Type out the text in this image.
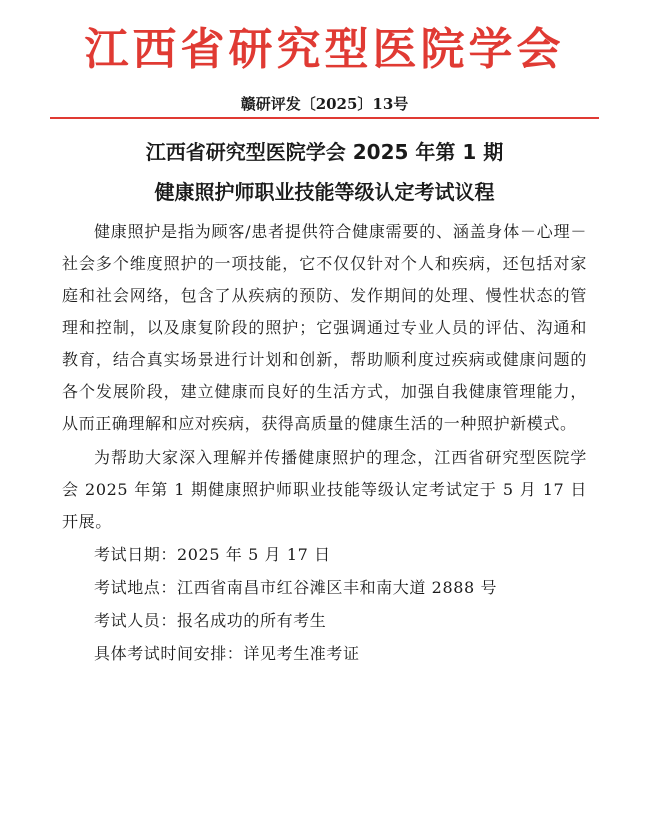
江西省研究型医院学会
赣研评发〔2025〕13号
江西省研究型医院学会 2025 年第 1 期
健康照护师职业技能等级认定考试议程

健康照护是指为顾客/患者提供符合健康需要的、涵盖身体－心理－社会多个维度照护的一项技能，它不仅仅针对个人和疾病，还包括对家庭和社会网络，包含了从疾病的预防、发作期间的处理、慢性状态的管理和控制，以及康复阶段的照护；它强调通过专业人员的评估、沟通和教育，结合真实场景进行计划和创新，帮助顺利度过疾病或健康问题的各个发展阶段，建立健康而良好的生活方式，加强自我健康管理能力，从而正确理解和应对疾病，获得高质量的健康生活的一种照护新模式。

为帮助大家深入理解并传播健康照护的理念，江西省研究型医院学会 2025 年第 1 期健康照护师职业技能等级认定考试定于 5 月 17 日开展。

考试日期：2025 年 5 月 17 日

考试地点：江西省南昌市红谷滩区丰和南大道 2888 号

考试人员：报名成功的所有考生

具体考试时间安排：详见考生准考证
